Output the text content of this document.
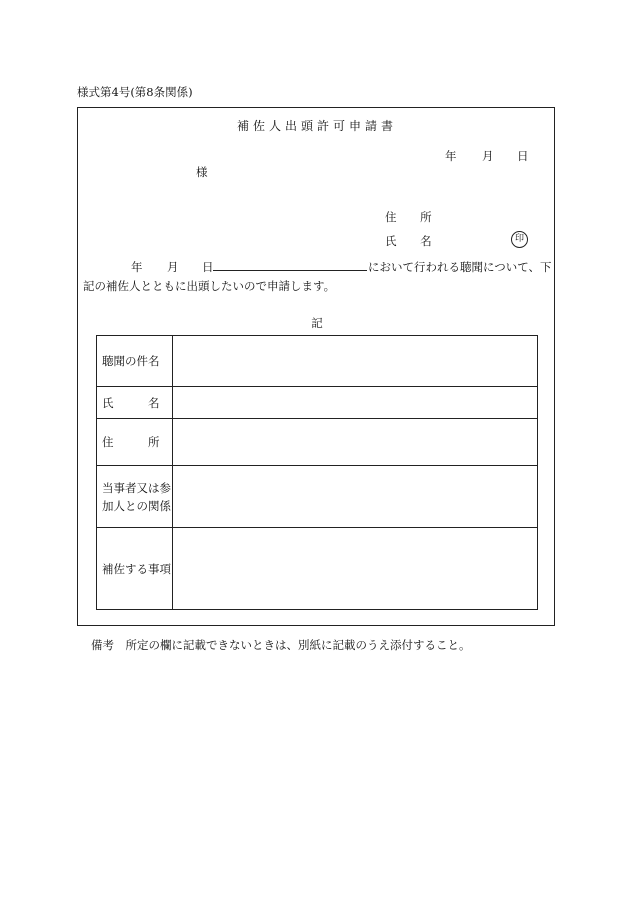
様式第4号(第8条関係)
補佐人出頭許可申請書
年 月 日
様
住 所
氏 名	印
年 月 日	において行われる聴聞について、下
記の補佐人とともに出頭したいので申請します。
記
聴聞の件名	
氏　　　名	
住　　　所	
当事者又は参加人との関係	
補佐する事項	
備考　所定の欄に記載できないときは、別紙に記載のうえ添付すること。
